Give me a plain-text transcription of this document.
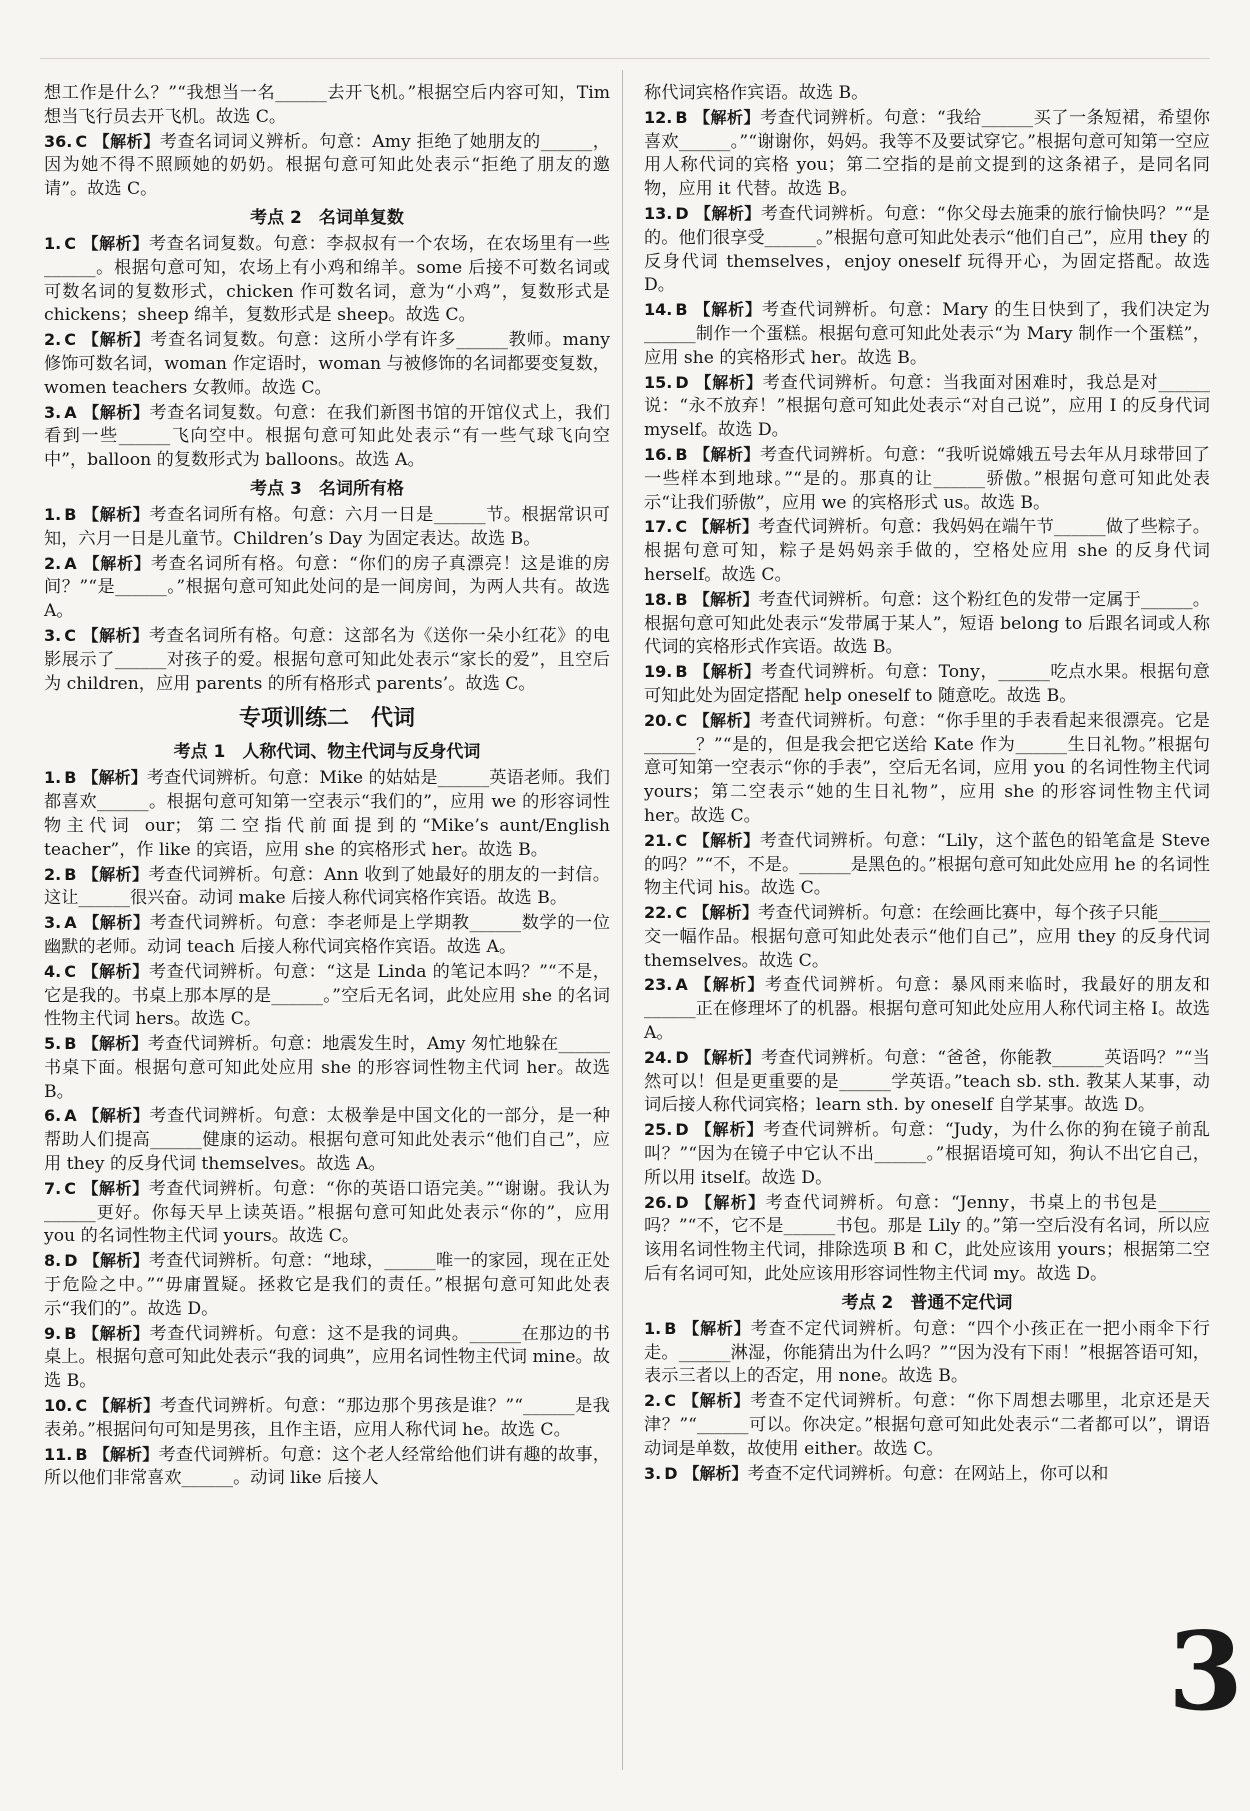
想工作是什么？”“我想当一名______去开飞机。”根据空后内容可知，Tim 想当飞行员去开飞机。故选 C。

36. C 【解析】考查名词词义辨析。句意：Amy 拒绝了她朋友的______，因为她不得不照顾她的奶奶。根据句意可知此处表示“拒绝了朋友的邀请”。故选 C。

考点 2　名词单复数

1. C 【解析】考查名词复数。句意：李叔叔有一个农场，在农场里有一些______。根据句意可知，农场上有小鸡和绵羊。some 后接不可数名词或可数名词的复数形式，chicken 作可数名词，意为“小鸡”，复数形式是 chickens；sheep 绵羊，复数形式是 sheep。故选 C。

2. C 【解析】考查名词复数。句意：这所小学有许多______教师。many 修饰可数名词，woman 作定语时，woman 与被修饰的名词都要变复数，women teachers 女教师。故选 C。

3. A 【解析】考查名词复数。句意：在我们新图书馆的开馆仪式上，我们看到一些______飞向空中。根据句意可知此处表示“有一些气球飞向空中”，balloon 的复数形式为 balloons。故选 A。

考点 3　名词所有格

1. B 【解析】考查名词所有格。句意：六月一日是______节。根据常识可知，六月一日是儿童节。Children’s Day 为固定表达。故选 B。

2. A 【解析】考查名词所有格。句意：“你们的房子真漂亮！这是谁的房间？”“是______。”根据句意可知此处问的是一间房间，为两人共有。故选 A。

3. C 【解析】考查名词所有格。句意：这部名为《送你一朵小红花》的电影展示了______对孩子的爱。根据句意可知此处表示“家长的爱”，且空后为 children，应用 parents 的所有格形式 parents’。故选 C。

专项训练二　代词
考点 1　人称代词、物主代词与反身代词

1. B 【解析】考查代词辨析。句意：Mike 的姑姑是______英语老师。我们都喜欢______。根据句意可知第一空表示“我们的”，应用 we 的形容词性物主代词 our；第二空指代前面提到的“Mike’s aunt/English teacher”，作 like 的宾语，应用 she 的宾格形式 her。故选 B。

2. B 【解析】考查代词辨析。句意：Ann 收到了她最好的朋友的一封信。这让______很兴奋。动词 make 后接人称代词宾格作宾语。故选 B。

3. A 【解析】考查代词辨析。句意：李老师是上学期教______数学的一位幽默的老师。动词 teach 后接人称代词宾格作宾语。故选 A。

4. C 【解析】考查代词辨析。句意：“这是 Linda 的笔记本吗？”“不是，它是我的。书桌上那本厚的是______。”空后无名词，此处应用 she 的名词性物主代词 hers。故选 C。

5. B 【解析】考查代词辨析。句意：地震发生时，Amy 匆忙地躲在______书桌下面。根据句意可知此处应用 she 的形容词性物主代词 her。故选 B。

6. A 【解析】考查代词辨析。句意：太极拳是中国文化的一部分，是一种帮助人们提高______健康的运动。根据句意可知此处表示“他们自己”，应用 they 的反身代词 themselves。故选 A。

7. C 【解析】考查代词辨析。句意：“你的英语口语完美。”“谢谢。我认为______更好。你每天早上读英语。”根据句意可知此处表示“你的”，应用 you 的名词性物主代词 yours。故选 C。

8. D 【解析】考查代词辨析。句意：“地球，______唯一的家园，现在正处于危险之中。”“毋庸置疑。拯救它是我们的责任。”根据句意可知此处表示“我们的”。故选 D。

9. B 【解析】考查代词辨析。句意：这不是我的词典。______在那边的书桌上。根据句意可知此处表示“我的词典”，应用名词性物主代词 mine。故选 B。

10. C 【解析】考查代词辨析。句意：“那边那个男孩是谁？”“______是我表弟。”根据问句可知是男孩，且作主语，应用人称代词 he。故选 C。

11. B 【解析】考查代词辨析。句意：这个老人经常给他们讲有趣的故事，所以他们非常喜欢______。动词 like 后接人

称代词宾格作宾语。故选 B。

12. B 【解析】考查代词辨析。句意：“我给______买了一条短裙，希望你喜欢______。”“谢谢你，妈妈。我等不及要试穿它。”根据句意可知第一空应用人称代词的宾格 you；第二空指的是前文提到的这条裙子，是同名同物，应用 it 代替。故选 B。

13. D 【解析】考查代词辨析。句意：“你父母去施秉的旅行愉快吗？”“是的。他们很享受______。”根据句意可知此处表示“他们自己”，应用 they 的反身代词 themselves，enjoy oneself 玩得开心，为固定搭配。故选 D。

14. B 【解析】考查代词辨析。句意：Mary 的生日快到了，我们决定为______制作一个蛋糕。根据句意可知此处表示“为 Mary 制作一个蛋糕”，应用 she 的宾格形式 her。故选 B。

15. D 【解析】考查代词辨析。句意：当我面对困难时，我总是对______说：“永不放弃！”根据句意可知此处表示“对自己说”，应用 I 的反身代词 myself。故选 D。

16. B 【解析】考查代词辨析。句意：“我听说嫦娥五号去年从月球带回了一些样本到地球。”“是的。那真的让______骄傲。”根据句意可知此处表示“让我们骄傲”，应用 we 的宾格形式 us。故选 B。

17. C 【解析】考查代词辨析。句意：我妈妈在端午节______做了些粽子。根据句意可知，粽子是妈妈亲手做的，空格处应用 she 的反身代词 herself。故选 C。

18. B 【解析】考查代词辨析。句意：这个粉红色的发带一定属于______。根据句意可知此处表示“发带属于某人”，短语 belong to 后跟名词或人称代词的宾格形式作宾语。故选 B。

19. B 【解析】考查代词辨析。句意：Tony，______吃点水果。根据句意可知此处为固定搭配 help oneself to 随意吃。故选 B。

20. C 【解析】考查代词辨析。句意：“你手里的手表看起来很漂亮。它是______？”“是的，但是我会把它送给 Kate 作为______生日礼物。”根据句意可知第一空表示“你的手表”，空后无名词，应用 you 的名词性物主代词 yours；第二空表示“她的生日礼物”，应用 she 的形容词性物主代词 her。故选 C。

21. C 【解析】考查代词辨析。句意：“Lily，这个蓝色的铅笔盒是 Steve 的吗？”“不，不是。______是黑色的。”根据句意可知此处应用 he 的名词性物主代词 his。故选 C。

22. C 【解析】考查代词辨析。句意：在绘画比赛中，每个孩子只能______交一幅作品。根据句意可知此处表示“他们自己”，应用 they 的反身代词 themselves。故选 C。

23. A 【解析】考查代词辨析。句意：暴风雨来临时，我最好的朋友和______正在修理坏了的机器。根据句意可知此处应用人称代词主格 I。故选 A。

24. D 【解析】考查代词辨析。句意：“爸爸，你能教______英语吗？”“当然可以！但是更重要的是______学英语。”teach sb. sth. 教某人某事，动词后接人称代词宾格；learn sth. by oneself 自学某事。故选 D。

25. D 【解析】考查代词辨析。句意：“Judy，为什么你的狗在镜子前乱叫？”“因为在镜子中它认不出______。”根据语境可知，狗认不出它自己，所以用 itself。故选 D。

26. D 【解析】考查代词辨析。句意：“Jenny，书桌上的书包是______吗？”“不，它不是______书包。那是 Lily 的。”第一空后没有名词，所以应该用名词性物主代词，排除选项 B 和 C，此处应该用 yours；根据第二空后有名词可知，此处应该用形容词性物主代词 my。故选 D。

考点 2　普通不定代词

1. B 【解析】考查不定代词辨析。句意：“四个小孩正在一把小雨伞下行走。______淋湿，你能猜出为什么吗？”“因为没有下雨！”根据答语可知，表示三者以上的否定，用 none。故选 B。

2. C 【解析】考查不定代词辨析。句意：“你下周想去哪里，北京还是天津？”“______可以。你决定。”根据句意可知此处表示“二者都可以”，谓语动词是单数，故使用 either。故选 C。

3. D 【解析】考查不定代词辨析。句意：在网站上，你可以和

3
